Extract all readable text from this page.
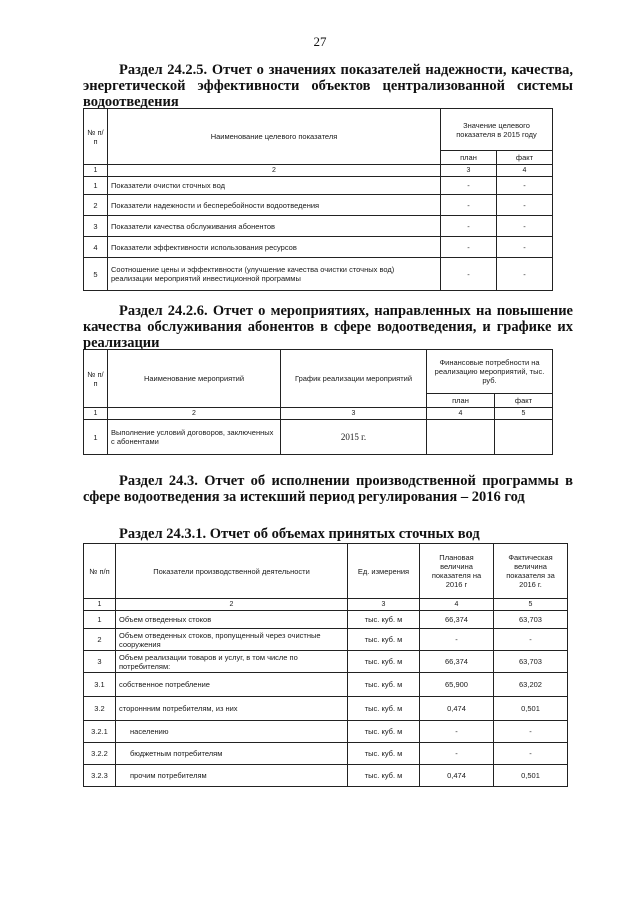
27
Раздел 24.2.5. Отчет о значениях показателей надежности, качества, энергетической эффективности объектов централизованной системы водоотведения
№ п/п	Наименование целевого показателя	Значение целевого показателя в 2015 году	
		план	факт
1	2	3	4
1	Показатели очистки сточных вод	-	-
2	Показатели надежности и бесперебойности водоотведения	-	-
3	Показатели качества обслуживания абонентов	-	-
4	Показатели эффективности использования ресурсов	-	-
5	Соотношение цены и эффективности (улучшение качества очистки сточных вод) реализации мероприятий инвестиционной программы	-	-
Раздел 24.2.6. Отчет о мероприятиях, направленных на повышение качества обслуживания абонентов в сфере водоотведения, и графике их реализации
№ п/п	Наименование мероприятий	График реализации мероприятий	Финансовые потребности на реализацию мероприятий, тыс. руб.	
			план	факт
1	2	3	4	5
1	Выполнение условий договоров, заключенных с абонентами	2015 г.		
Раздел 24.3. Отчет об исполнении производственной программы в сфере водоотведения за истекший период регулирования – 2016 год
Раздел 24.3.1. Отчет об объемах принятых сточных вод
№ п/п	Показатели производственной деятельности	Ед. измерения	Плановая величина показателя на 2016 г	Фактическая величина показателя за 2016 г.
1	2	3	4	5
1	Объем отведенных стоков	тыс. куб. м	66,374	63,703
2	Объем отведенных стоков, пропущенный через очистные сооружения	тыс. куб. м	-	-
3	Объем реализации товаров и услуг, в том числе по потребителям:	тыс. куб. м	66,374	63,703
3.1	собственное потребление	тыс. куб. м	65,900	63,202
3.2	стороннним потребителям, из них	тыс. куб. м	0,474	0,501
3.2.1	населению	тыс. куб. м	-	-
3.2.2	бюджетным потребителям	тыс. куб. м	-	-
3.2.3	прочим потребителям	тыс. куб. м	0,474	0,501
